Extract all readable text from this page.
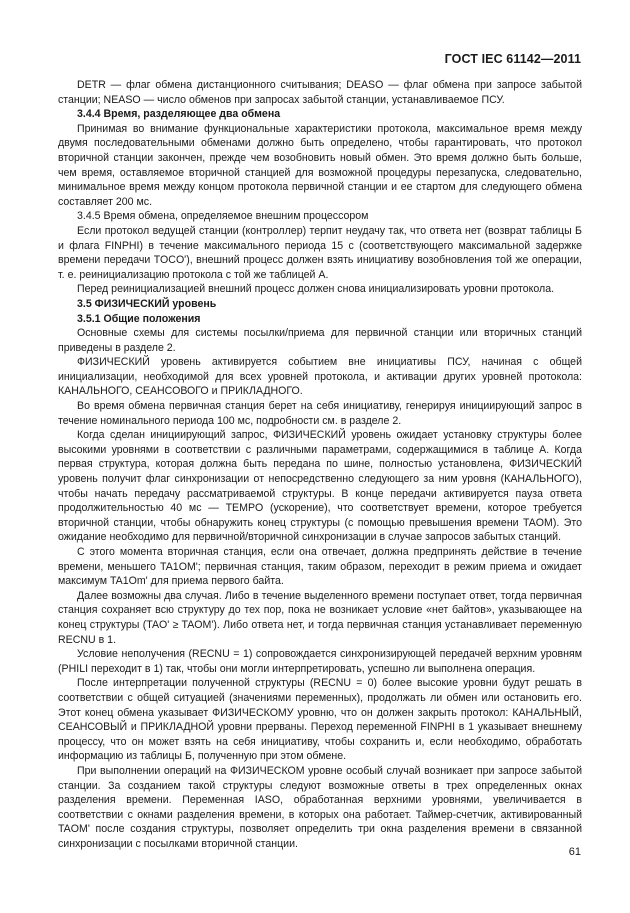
ГОСТ IEC 61142—2011

DETR — флаг обмена дистанционного считывания; DEASO — флаг обмена при запросе забытой станции; NEASO — число обменов при запросах забытой станции, устанавливаемое ПСУ.

3.4.4 Время, разделяющее два обмена

Принимая во внимание функциональные характеристики протокола, максимальное время между двумя последовательными обменами должно быть определено, чтобы гарантировать, что протокол вторичной станции закончен, прежде чем возобновить новый обмен. Это время должно быть больше, чем время, оставляемое вторичной станцией для возможной процедуры перезапуска, следовательно, минимальное время между концом протокола первичной станции и ее стартом для следующего обмена составляет 200 мс.

3.4.5 Время обмена, определяемое внешним процессором

Если протокол ведущей станции (контроллер) терпит неудачу так, что ответа нет (возврат таблицы Б и флага FINPHI) в течение максимального периода 15 с (соответствующего максимальной задержке времени передачи TOCO'), внешний процесс должен взять инициативу возобновления той же операции, т. е. реинициализацию протокола с той же таблицей А.

Перед реинициализацией внешний процесс должен снова инициализировать уровни протокола.

3.5 ФИЗИЧЕСКИЙ уровень

3.5.1 Общие положения

Основные схемы для системы посылки/приема для первичной станции или вторичных станций приведены в разделе 2.

ФИЗИЧЕСКИЙ уровень активируется событием вне инициативы ПСУ, начиная с общей инициализации, необходимой для всех уровней протокола, и активации других уровней протокола: КАНАЛЬНОГО, СЕАНСОВОГО и ПРИКЛАДНОГО.

Во время обмена первичная станция берет на себя инициативу, генерируя инициирующий запрос в течение номинального периода 100 мс, подробности см. в разделе 2.

Когда сделан инициирующий запрос, ФИЗИЧЕСКИЙ уровень ожидает установку структуры более высокими уровнями в соответствии с различными параметрами, содержащимися в таблице А. Когда первая структура, которая должна быть передана по шине, полностью установлена, ФИЗИЧЕСКИЙ уровень получит флаг синхронизации от непосредственно следующего за ним уровня (КАНАЛЬНОГО), чтобы начать передачу рассматриваемой структуры. В конце передачи активируется пауза ответа продолжительностью 40 мс — TEMPO (ускорение), что соответствует времени, которое требуется вторичной станции, чтобы обнаружить конец структуры (с помощью превышения времени TAOM). Это ожидание необходимо для первичной/вторичной синхронизации в случае запросов забытых станций.

С этого момента вторичная станция, если она отвечает, должна предпринять действие в течение времени, меньшего TA1OM'; первичная станция, таким образом, переходит в режим приема и ожидает максимум TA1Om' для приема первого байта.

Далее возможны два случая. Либо в течение выделенного времени поступает ответ, тогда первичная станция сохраняет всю структуру до тех пор, пока не возникает условие «нет байтов», указывающее на конец структуры (TAO' ≥ TAOM'). Либо ответа нет, и тогда первичная станция устанавливает переменную RECNU в 1.

Условие неполучения (RECNU = 1) сопровождается синхронизирующей передачей верхним уровням (PHILI переходит в 1) так, чтобы они могли интерпретировать, успешно ли выполнена операция.

После интерпретации полученной структуры (RECNU = 0) более высокие уровни будут решать в соответствии с общей ситуацией (значениями переменных), продолжать ли обмен или остановить его. Этот конец обмена указывает ФИЗИЧЕСКОМУ уровню, что он должен закрыть протокол: КАНАЛЬНЫЙ, СЕАНСОВЫЙ и ПРИКЛАДНОЙ уровни прерваны. Переход переменной FINPHI в 1 указывает внешнему процессу, что он может взять на себя инициативу, чтобы сохранить и, если необходимо, обработать информацию из таблицы Б, полученную при этом обмене.

При выполнении операций на ФИЗИЧЕСКОМ уровне особый случай возникает при запросе забытой станции. За созданием такой структуры следуют возможные ответы в трех определенных окнах разделения времени. Переменная IASO, обработанная верхними уровнями, увеличивается в соответствии с окнами разделения времени, в которых она работает. Таймер-счетчик, активированный TAOM' после создания структуры, позволяет определить три окна разделения времени в связанной синхронизации с посылками вторичной станции.

61
